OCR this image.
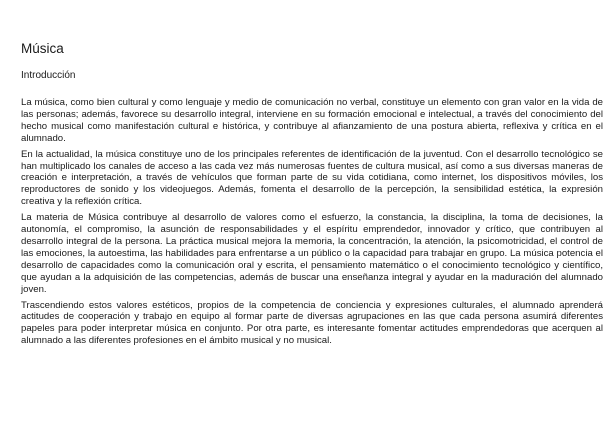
Música
Introducción

La música, como bien cultural y como lenguaje y medio de comunicación no verbal, constituye un elemento con gran valor en la vida de las personas; además, favorece su desarrollo integral, interviene en su formación emocional e intelectual, a través del conocimiento del hecho musical como manifestación cultural e histórica, y contribuye al afianzamiento de una postura abierta, reflexiva y crítica en el alumnado.

En la actualidad, la música constituye uno de los principales referentes de identificación de la juventud. Con el desarrollo tecnológico se han multiplicado los canales de acceso a las cada vez más numerosas fuentes de cultura musical, así como a sus diversas maneras de creación e interpretación, a través de vehículos que forman parte de su vida cotidiana, como internet, los dispositivos móviles, los reproductores de sonido y los videojuegos. Además, fomenta el desarrollo de la percepción, la sensibilidad estética, la expresión creativa y la reflexión crítica.

La materia de Música contribuye al desarrollo de valores como el esfuerzo, la constancia, la disciplina, la toma de decisiones, la autonomía, el compromiso, la asunción de responsabilidades y el espíritu emprendedor, innovador y crítico, que contribuyen al desarrollo integral de la persona. La práctica musical mejora la memoria, la concentración, la atención, la psicomotricidad, el control de las emociones, la autoestima, las habilidades para enfrentarse a un público o la capacidad para trabajar en grupo. La música potencia el desarrollo de capacidades como la comunicación oral y escrita, el pensamiento matemático o el conocimiento tecnológico y científico, que ayudan a la adquisición de las competencias, además de buscar una enseñanza integral y ayudar en la maduración del alumnado joven.

Trascendiendo estos valores estéticos, propios de la competencia de conciencia y expresiones culturales, el alumnado aprenderá actitudes de cooperación y trabajo en equipo al formar parte de diversas agrupaciones en las que cada persona asumirá diferentes papeles para poder interpretar música en conjunto. Por otra parte, es interesante fomentar actitudes emprendedoras que acerquen al alumnado a las diferentes profesiones en el ámbito musical y no musical.
